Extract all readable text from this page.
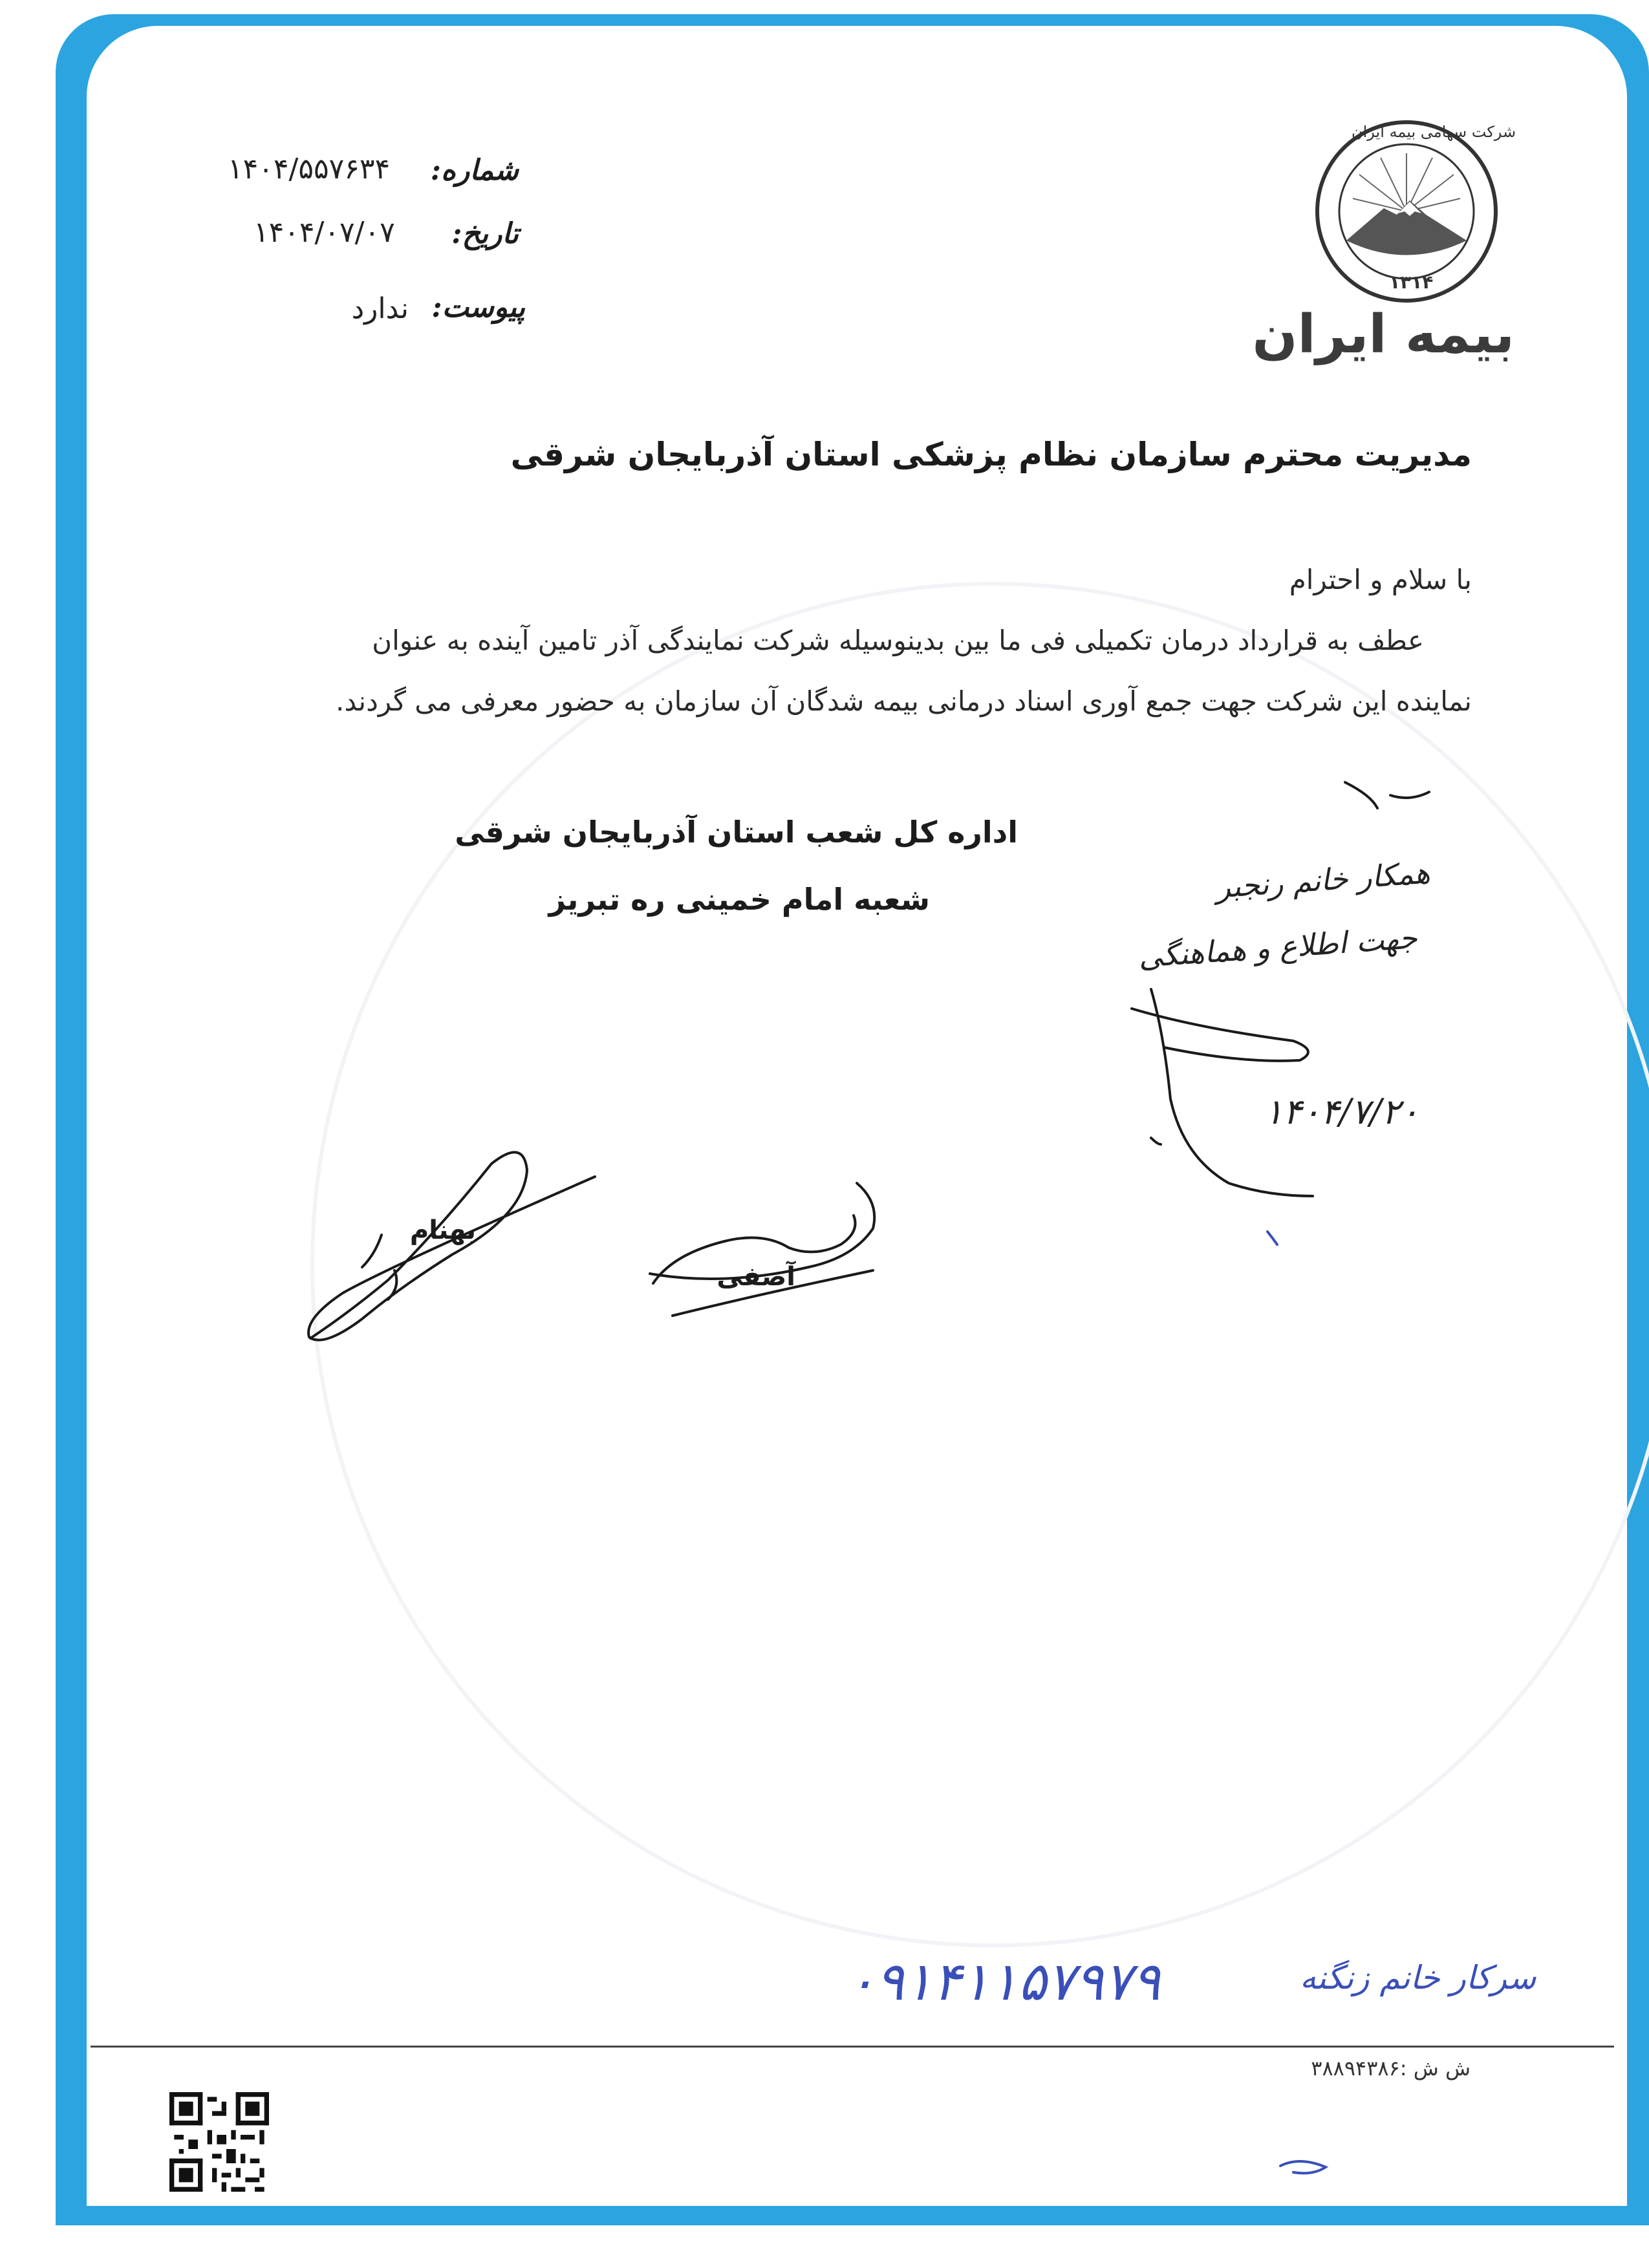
شرکت سهامی بیمه ایران
۱۳۱۴
بیمه ایران
شماره:
۱۴۰۴/۵۵۷۶۳۴
تاریخ:
۱۴۰۴/۰۷/۰۷
پیوست:
ندارد
مدیریت محترم سازمان نظام پزشکی استان آذربایجان شرقی
با سلام و احترام
عطف به قرارداد درمان تکمیلی فی ما بین بدینوسیله شرکت نمایندگی آذر تامین آینده به عنوان
نماینده این شرکت جهت جمع آوری اسناد درمانی بیمه شدگان آن سازمان به حضور معرفی می گردند.
اداره کل شعب استان آذربایجان شرقی
شعبه امام خمینی ره تبریز
بهنام
آصفی
همکار خانم رنجبر
جهت اطلاع و هماهنگی
۱۴۰۴/۷/۲۰
۰۹۱۴۱۱۵۷۹۷۹	سرکار خانم زنگنه
ش ش :۳۸۸۹۴۳۸۶
